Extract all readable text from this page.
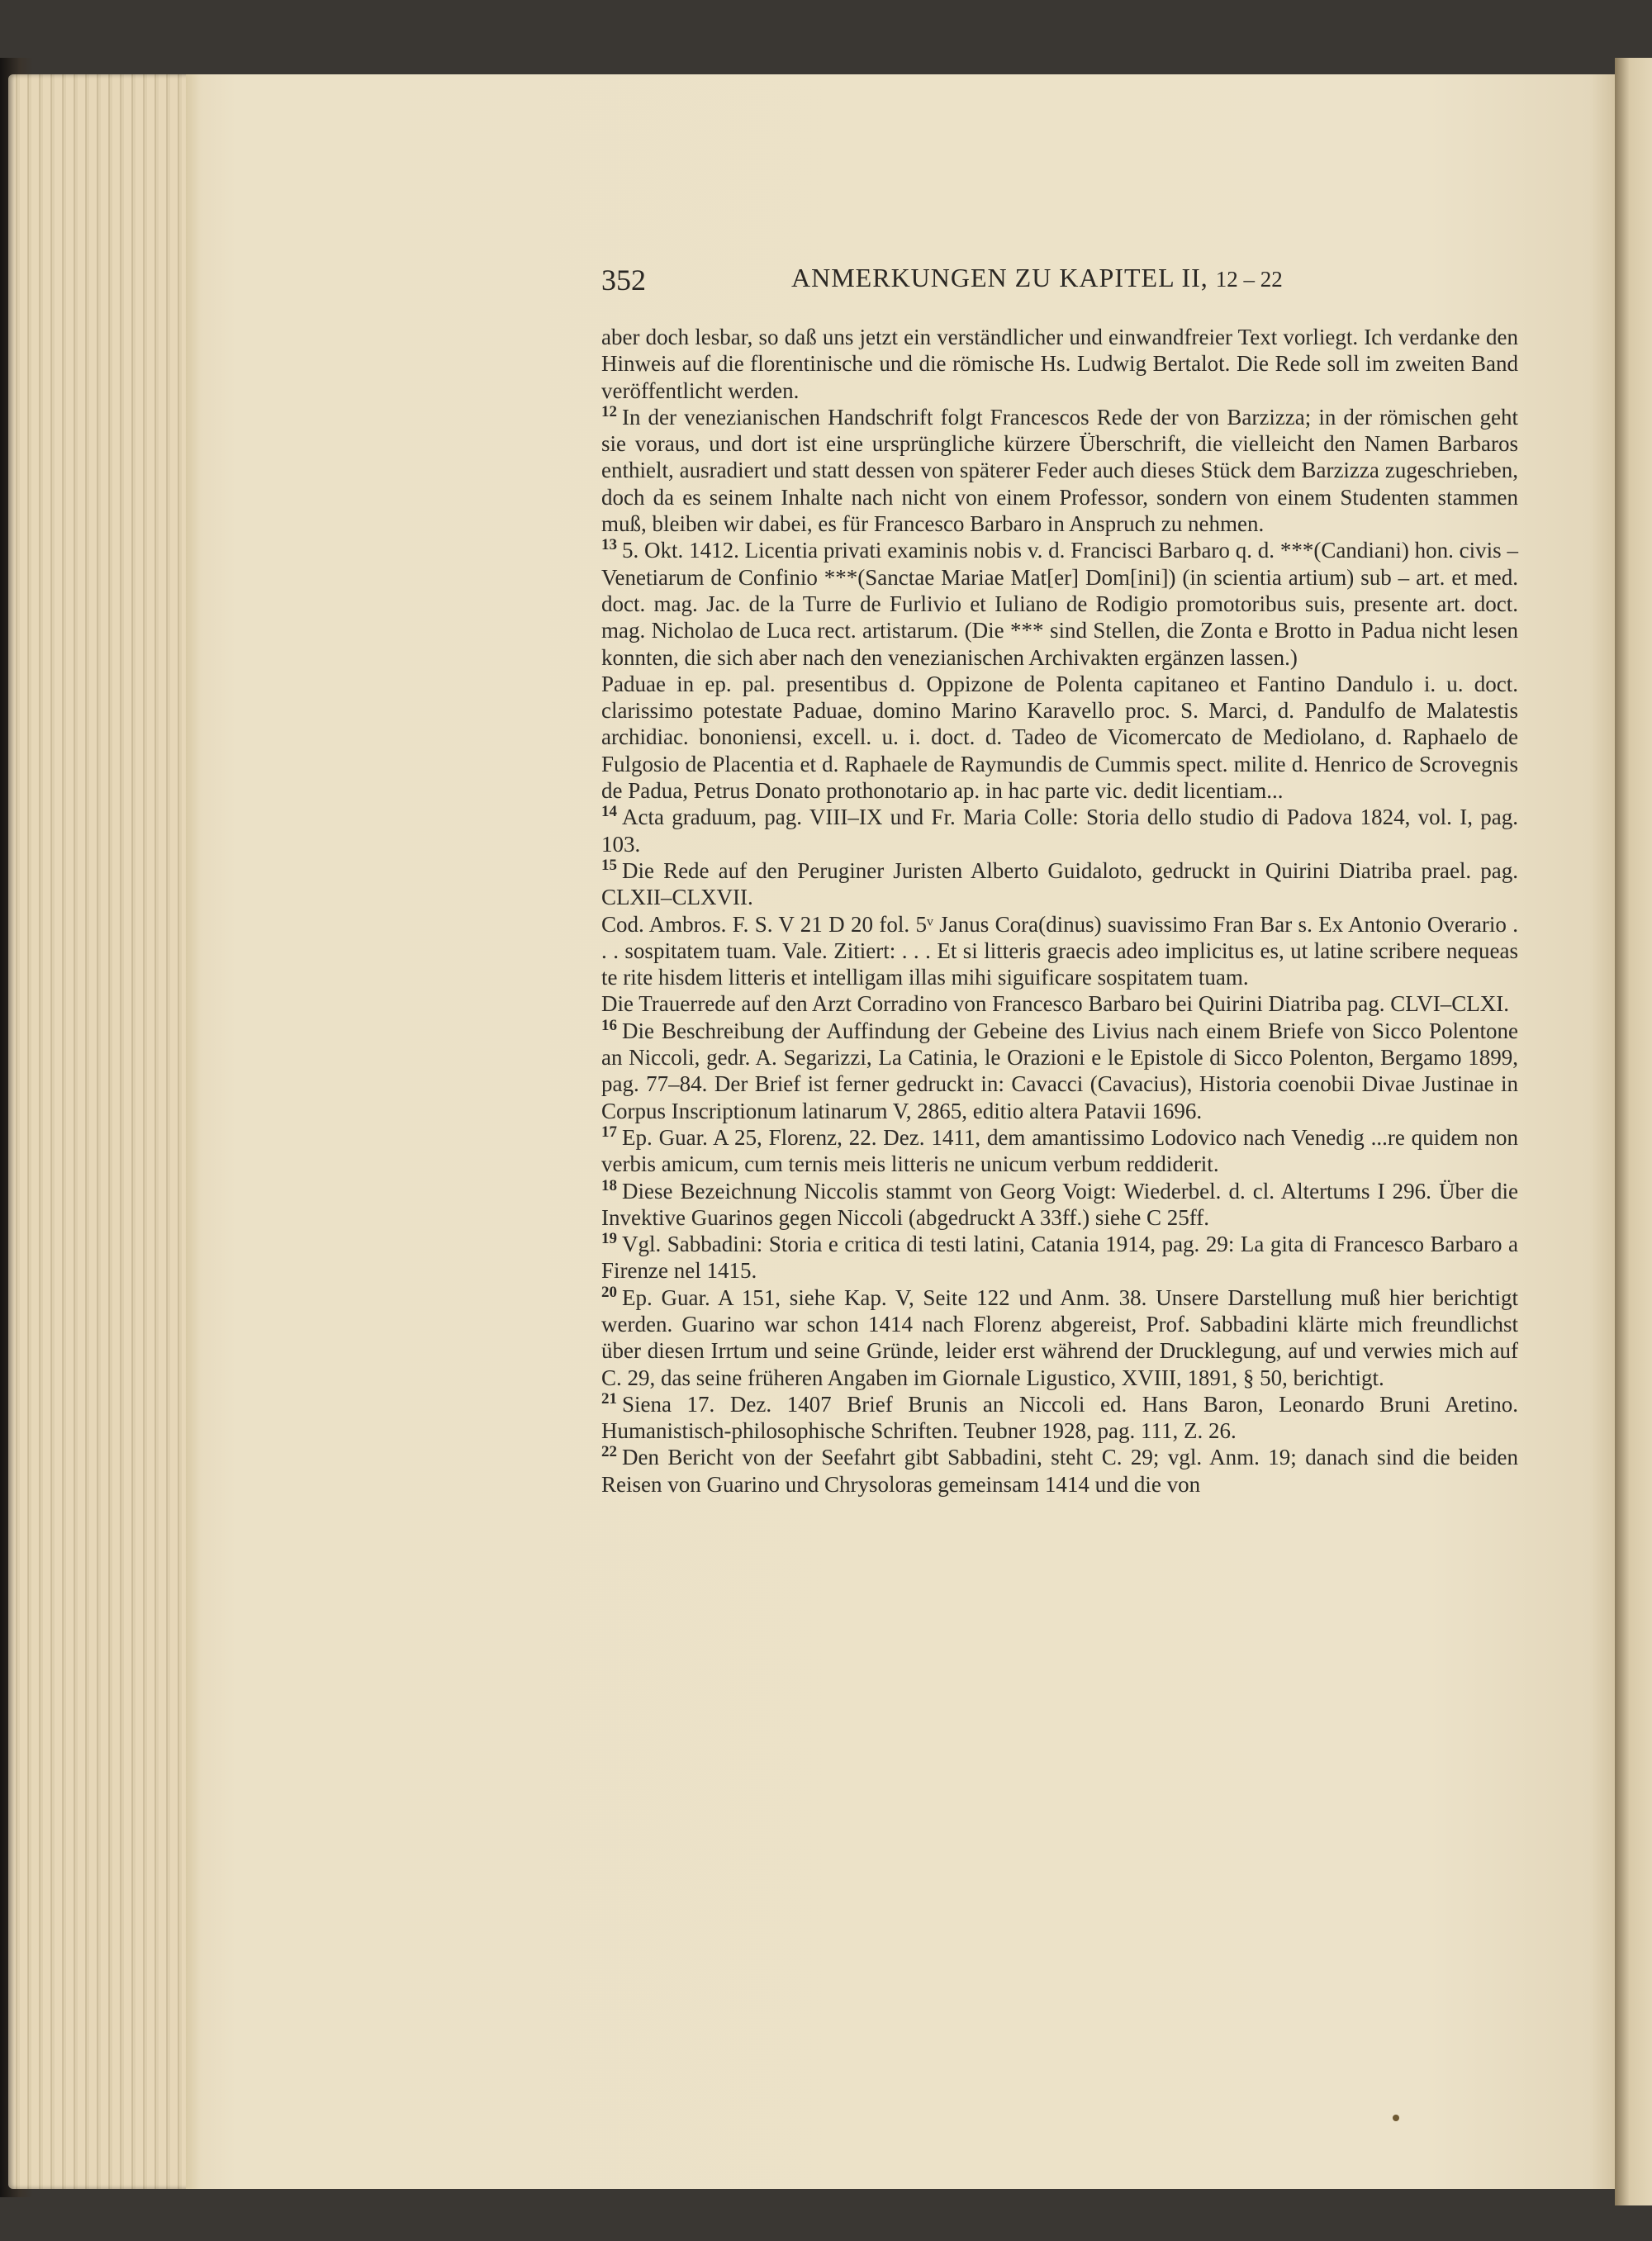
352	ANMERKUNGEN ZU KAPITEL II, 12 – 22

aber doch lesbar, so daß uns jetzt ein verständlicher und einwandfreier Text vorliegt. Ich verdanke den Hinweis auf die florentinische und die römische Hs. Ludwig Bertalot. Die Rede soll im zweiten Band veröffentlicht werden.

$^{12}$ In der venezianischen Handschrift folgt Francescos Rede der von Barzizza; in der römischen geht sie voraus, und dort ist eine ursprüngliche kürzere Überschrift, die vielleicht den Namen Barbaros enthielt, ausradiert und statt dessen von späterer Feder auch dieses Stück dem Barzizza zugeschrieben, doch da es seinem Inhalte nach nicht von einem Professor, sondern von einem Studenten stammen muß, bleiben wir dabei, es für Francesco Barbaro in Anspruch zu nehmen.

$^{13}$ 5. Okt. 1412. Licentia privati examinis nobis v. d. Francisci Barbaro q. d. ***(Candiani) hon. civis – Venetiarum de Confinio ***(Sanctae Mariae Mat[er] Dom[ini]) (in scientia artium) sub – art. et med. doct. mag. Jac. de la Turre de Furlivio et Iuliano de Rodigio promotoribus suis, presente art. doct. mag. Nicholao de Luca rect. artistarum. (Die *** sind Stellen, die Zonta e Brotto in Padua nicht lesen konnten, die sich aber nach den venezianischen Archivakten ergänzen lassen.)

Paduae in ep. pal. presentibus d. Oppizone de Polenta capitaneo et Fantino Dandulo i. u. doct. clarissimo potestate Paduae, domino Marino Karavello proc. S. Marci, d. Pandulfo de Malatestis archidiac. bononiensi, excell. u. i. doct. d. Tadeo de Vicomercato de Mediolano, d. Raphaelo de Fulgosio de Placentia et d. Raphaele de Raymundis de Cummis spect. milite d. Henrico de Scrovegnis de Padua, Petrus Donato prothonotario ap. in hac parte vic. dedit licentiam...

$^{14}$ Acta graduum, pag. VIII–IX und Fr. Maria Colle: Storia dello studio di Padova 1824, vol. I, pag. 103.

$^{15}$ Die Rede auf den Peruginer Juristen Alberto Guidaloto, gedruckt in Quirini Diatriba prael. pag. CLXII–CLXVII.

Cod. Ambros. F. S. V 21 D 20 fol. 5ᵛ Janus Cora(dinus) suavissimo Fran Bar s. Ex Antonio Overario . . . sospitatem tuam. Vale. Zitiert: . . . Et si litteris graecis adeo implicitus es, ut latine scribere nequeas te rite hisdem litteris et intelligam illas mihi siguificare sospitatem tuam.

Die Trauerrede auf den Arzt Corradino von Francesco Barbaro bei Quirini Diatriba pag. CLVI–CLXI.

$^{16}$ Die Beschreibung der Auffindung der Gebeine des Livius nach einem Briefe von Sicco Polentone an Niccoli, gedr. A. Segarizzi, La Catinia, le Orazioni e le Epistole di Sicco Polenton, Bergamo 1899, pag. 77–84. Der Brief ist ferner gedruckt in: Cavacci (Cavacius), Historia coenobii Divae Justinae in Corpus Inscriptionum latinarum V, 2865, editio altera Patavii 1696.

$^{17}$ Ep. Guar. A 25, Florenz, 22. Dez. 1411, dem amantissimo Lodovico nach Venedig ...re quidem non verbis amicum, cum ternis meis litteris ne unicum verbum reddiderit.

$^{18}$ Diese Bezeichnung Niccolis stammt von Georg Voigt: Wiederbel. d. cl. Altertums I 296. Über die Invektive Guarinos gegen Niccoli (abgedruckt A 33ff.) siehe C 25ff.

$^{19}$ Vgl. Sabbadini: Storia e critica di testi latini, Catania 1914, pag. 29: La gita di Francesco Barbaro a Firenze nel 1415.

$^{20}$ Ep. Guar. A 151, siehe Kap. V, Seite 122 und Anm. 38. Unsere Darstellung muß hier berichtigt werden. Guarino war schon 1414 nach Florenz abgereist, Prof. Sabbadini klärte mich freundlichst über diesen Irrtum und seine Gründe, leider erst während der Drucklegung, auf und verwies mich auf C. 29, das seine früheren Angaben im Giornale Ligustico, XVIII, 1891, § 50, berichtigt.

$^{21}$ Siena 17. Dez. 1407 Brief Brunis an Niccoli ed. Hans Baron, Leonardo Bruni Aretino. Humanistisch-philosophische Schriften. Teubner 1928, pag. 111, Z. 26.

$^{22}$ Den Bericht von der Seefahrt gibt Sabbadini, steht C. 29; vgl. Anm. 19; danach sind die beiden Reisen von Guarino und Chrysoloras gemeinsam 1414 und die von
